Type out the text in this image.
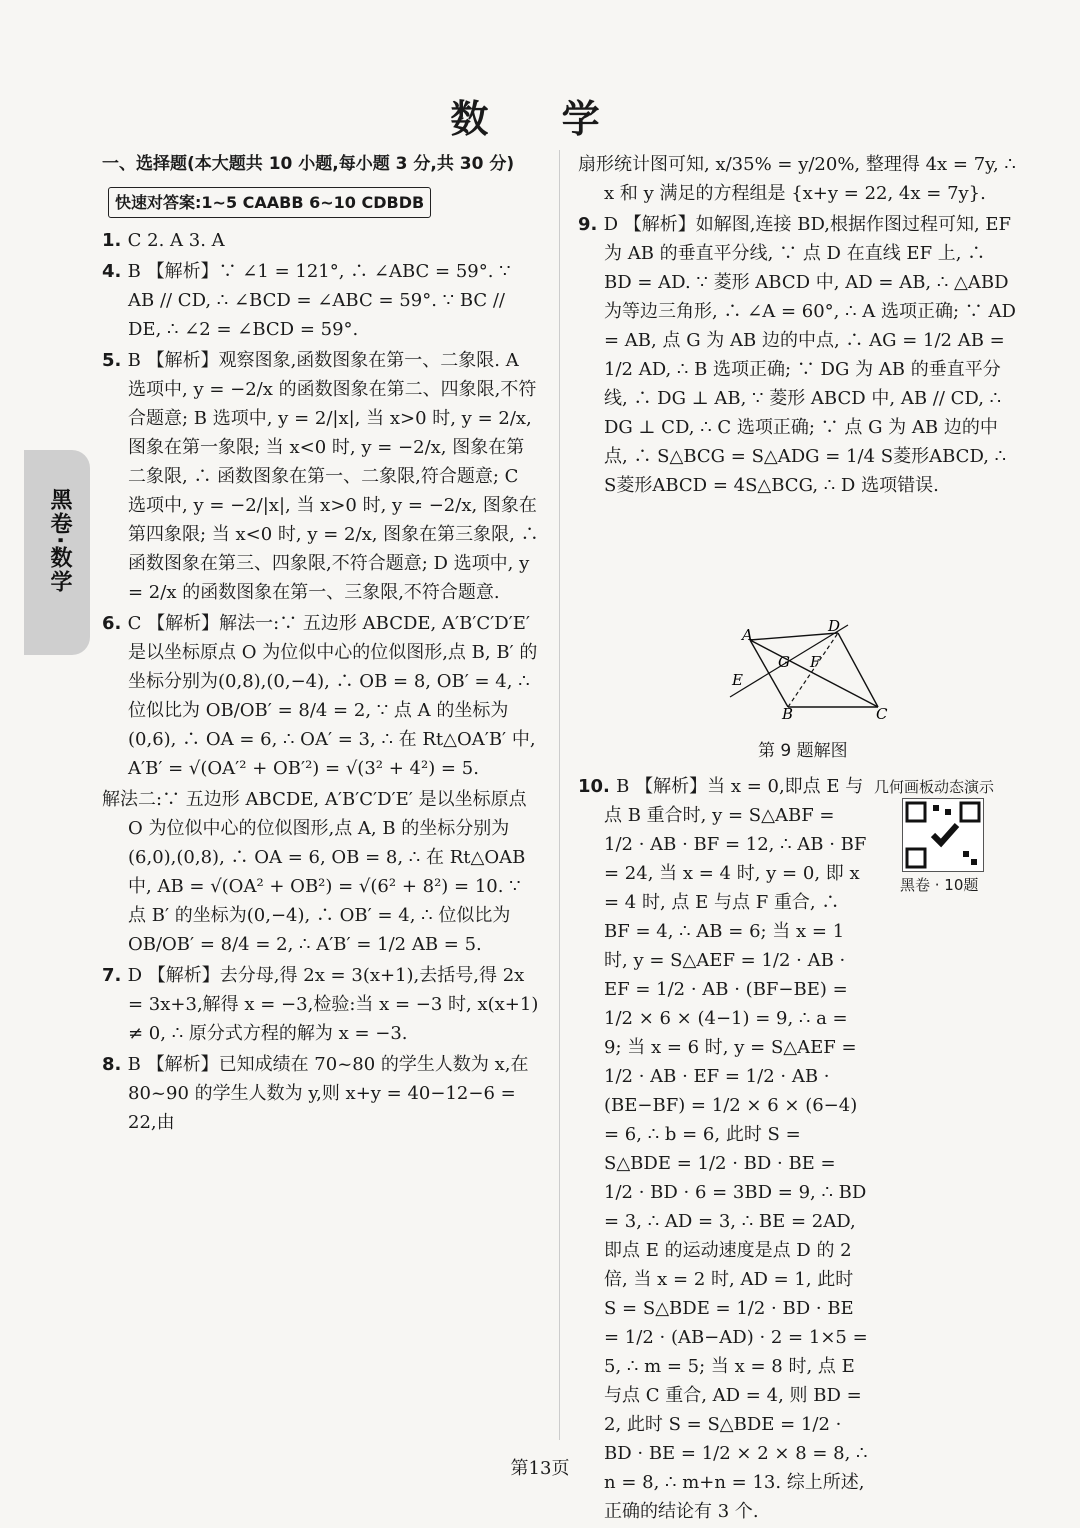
数 学
黑卷·数学
一、选择题(本大题共 10 小题,每小题 3 分,共 30 分)
快速对答案:1~5 CAABB 6~10 CDBDB

1. C 2. A 3. A

4. B 【解析】∵ ∠1 = 121°, ∴ ∠ABC = 59°. ∵ AB // CD, ∴ ∠BCD = ∠ABC = 59°. ∵ BC // DE, ∴ ∠2 = ∠BCD = 59°.

5. B 【解析】观察图象,函数图象在第一、二象限. A 选项中, y = −2/x 的函数图象在第二、四象限,不符合题意; B 选项中, y = 2/|x|, 当 x>0 时, y = 2/x, 图象在第一象限; 当 x<0 时, y = −2/x, 图象在第二象限, ∴ 函数图象在第一、二象限,符合题意; C 选项中, y = −2/|x|, 当 x>0 时, y = −2/x, 图象在第四象限; 当 x<0 时, y = 2/x, 图象在第三象限, ∴ 函数图象在第三、四象限,不符合题意; D 选项中, y = 2/x 的函数图象在第一、三象限,不符合题意.

6. C 【解析】解法一:∵ 五边形 ABCDE, A′B′C′D′E′ 是以坐标原点 O 为位似中心的位似图形,点 B, B′ 的坐标分别为(0,8),(0,−4), ∴ OB = 8, OB′ = 4, ∴ 位似比为 OB/OB′ = 8/4 = 2, ∵ 点 A 的坐标为(0,6), ∴ OA = 6, ∴ OA′ = 3, ∴ 在 Rt△OA′B′ 中, A′B′ = √(OA′² + OB′²) = √(3² + 4²) = 5.

解法二:∵ 五边形 ABCDE, A′B′C′D′E′ 是以坐标原点 O 为位似中心的位似图形,点 A, B 的坐标分别为(6,0),(0,8), ∴ OA = 6, OB = 8, ∴ 在 Rt△OAB 中, AB = √(OA² + OB²) = √(6² + 8²) = 10. ∵ 点 B′ 的坐标为(0,−4), ∴ OB′ = 4, ∴ 位似比为 OB/OB′ = 8/4 = 2, ∴ A′B′ = 1/2 AB = 5.

7. D 【解析】去分母,得 2x = 3(x+1),去括号,得 2x = 3x+3,解得 x = −3,检验:当 x = −3 时, x(x+1) ≠ 0, ∴ 原分式方程的解为 x = −3.

8. B 【解析】已知成绩在 70~80 的学生人数为 x,在 80~90 的学生人数为 y,则 x+y = 40−12−6 = 22,由

扇形统计图可知, x/35% = y/20%, 整理得 4x = 7y, ∴ x 和 y 满足的方程组是 {x+y = 22, 4x = 7y}.

9. D 【解析】如解图,连接 BD,根据作图过程可知, EF 为 AB 的垂直平分线, ∵ 点 D 在直线 EF 上, ∴ BD = AD. ∵ 菱形 ABCD 中, AD = AB, ∴ △ABD 为等边三角形, ∴ ∠A = 60°, ∴ A 选项正确; ∵ AD = AB, 点 G 为 AB 边的中点, ∴ AG = 1/2 AB = 1/2 AD, ∴ B 选项正确; ∵ DG 为 AB 的垂直平分线, ∴ DG ⊥ AB, ∵ 菱形 ABCD 中, AB // CD, ∴ DG ⊥ CD, ∴ C 选项正确; ∵ 点 G 为 AB 边的中点, ∴ S△BCG = S△ADG = 1/4 S菱形ABCD, ∴ S菱形ABCD = 4S△BCG, ∴ D 选项错误.

A	D
G F
E
B	C
第 9 题解图

10. B 【解析】当 x = 0,即点 E 与点 B 重合时, y = S△ABF = 1/2 · AB · BF = 12, ∴ AB · BF = 24, 当 x = 4 时, y = 0, 即 x = 4 时, 点 E 与点 F 重合, ∴ BF = 4, ∴ AB = 6; 当 x = 1 时, y = S△AEF = 1/2 · AB · EF = 1/2 · AB · (BF−BE) = 1/2 × 6 × (4−1) = 9, ∴ a = 9; 当 x = 6 时, y = S△AEF = 1/2 · AB · EF = 1/2 · AB · (BE−BF) = 1/2 × 6 × (6−4) = 6, ∴ b = 6, 此时 S = S△BDE = 1/2 · BD · BE = 1/2 · BD · 6 = 3BD = 9, ∴ BD = 3, ∴ AD = 3, ∴ BE = 2AD, 即点 E 的运动速度是点 D 的 2 倍, 当 x = 2 时, AD = 1, 此时 S = S△BDE = 1/2 · BD · BE = 1/2 · (AB−AD) · 2 = 1×5 = 5, ∴ m = 5; 当 x = 8 时, 点 E 与点 C 重合, AD = 4, 则 BD = 2, 此时 S = S△BDE = 1/2 · BD · BE = 1/2 × 2 × 8 = 8, ∴ n = 8, ∴ m+n = 13. 综上所述, 正确的结论有 3 个.

几何画板动态演示
黑卷 · 10题
第13页
